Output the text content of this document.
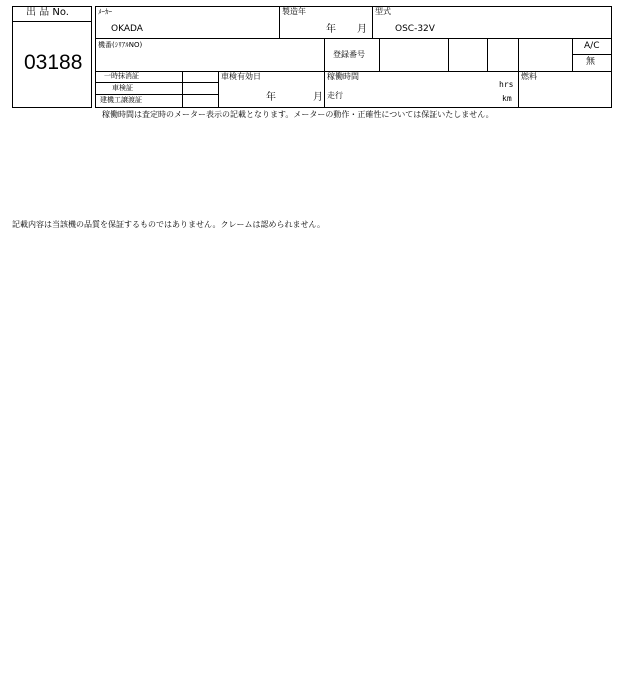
出 品 No.
03188
ﾒｰｶｰ
OKADA
製造年
年 月
型式
OSC-32V
機番(ｼﾘｱﾙNO)
登録番号
A/C
無
一時抹消証
車検証
建機工譲渡証
車検有効日
年	月
稼働時間
hrs
走行	km
燃料
稼働時間は査定時のメーター表示の記載となります。メーターの動作・正確性については保証いたしません。
記載内容は当該機の品質を保証するものではありません。クレームは認められません。
